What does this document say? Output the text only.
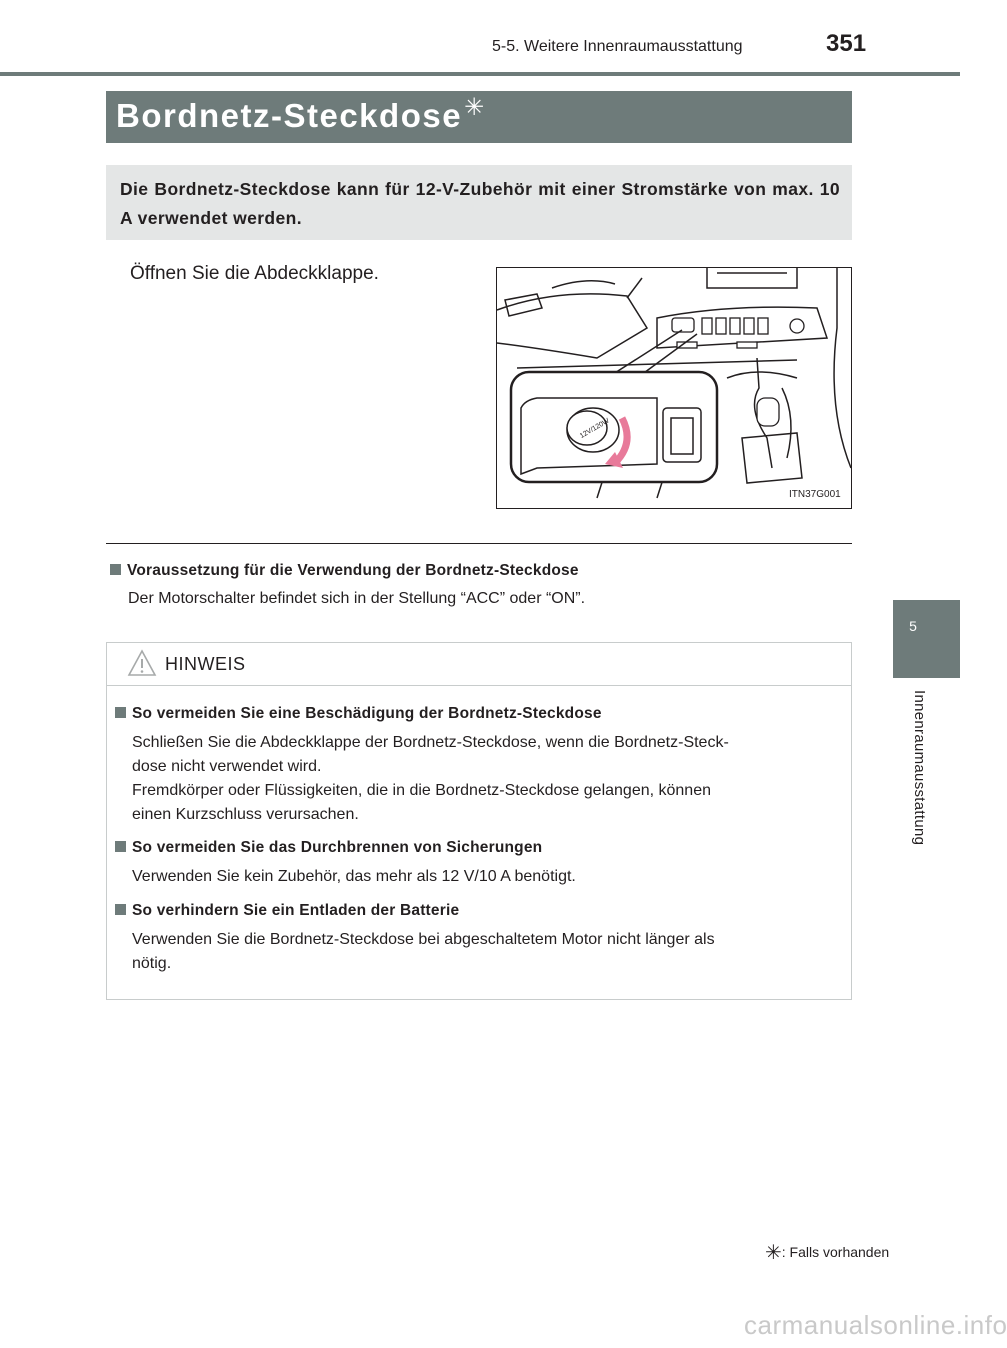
5-5. Weitere Innenraumausstattung	351
5
Innenraumausstattung
Bordnetz-Steckdose✳
Die Bordnetz-Steckdose kann für 12-V-Zubehör mit einer Stromstärke von max. 10 A verwendet werden.
Öffnen Sie die Abdeckklappe.
12V/120W
ITN37G001
Voraussetzung für die Verwendung der Bordnetz-Steckdose
Der Motorschalter befindet sich in der Stellung “ACC” oder “ON”.
HINWEIS
So vermeiden Sie eine Beschädigung der Bordnetz-Steckdose
Schließen Sie die Abdeckklappe der Bordnetz-Steckdose, wenn die Bordnetz-Steck-
dose nicht verwendet wird.
Fremdkörper oder Flüssigkeiten, die in die Bordnetz-Steckdose gelangen, können
einen Kurzschluss verursachen.
So vermeiden Sie das Durchbrennen von Sicherungen
Verwenden Sie kein Zubehör, das mehr als 12 V/10 A benötigt.
So verhindern Sie ein Entladen der Batterie
Verwenden Sie die Bordnetz-Steckdose bei abgeschaltetem Motor nicht länger als
nötig.
✳: Falls vorhanden
carmanualsonline.info
